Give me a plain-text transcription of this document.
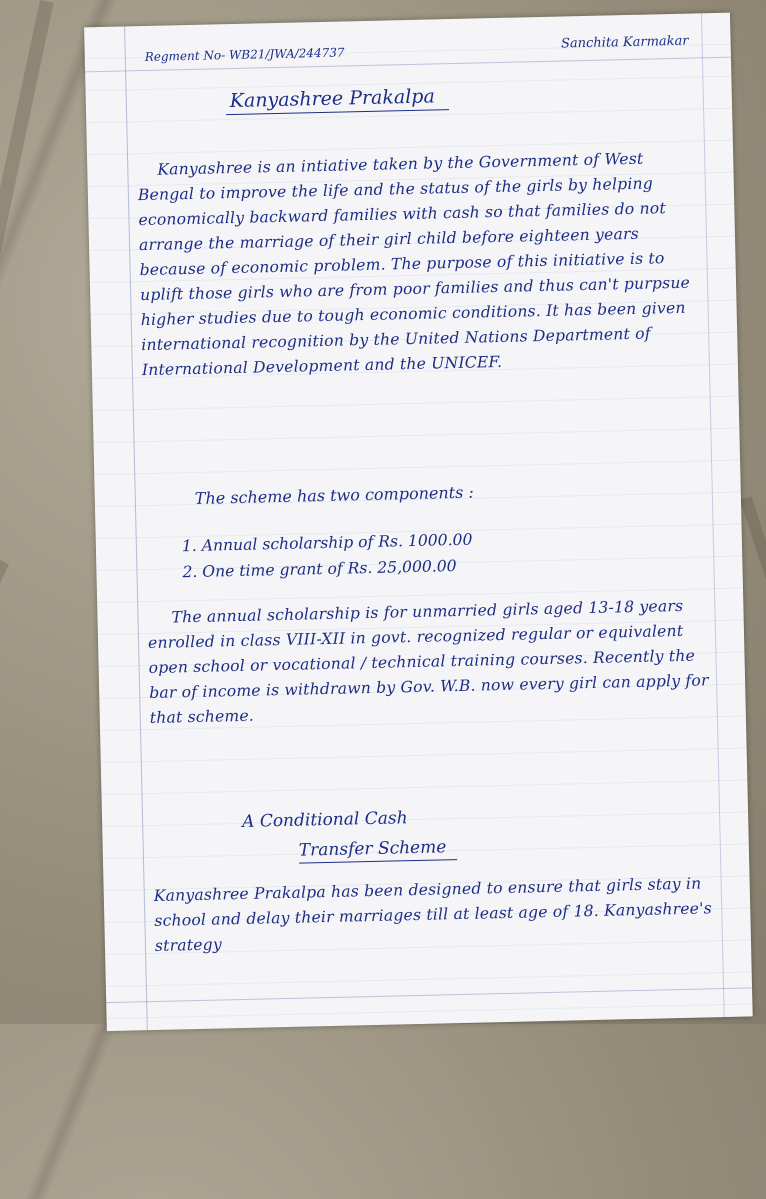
Regment No- WB21/JWA/244737
Sanchita Karmakar
Kanyashree Prakalpa
Kanyashree is an intiative taken by the Government of West Bengal to improve the life and the status of the girls by helping economically backward families with cash so that families do not arrange the marriage of their girl child before eighteen years because of economic problem. The purpose of this initiative is to uplift those girls who are from poor families and thus can't purpsue higher studies due to tough economic conditions. It has been given international recognition by the United Nations Department of International Development and the UNICEF.
The scheme has two components :
1. Annual scholarship of Rs. 1000.00
2. One time grant of Rs. 25,000.00
The annual scholarship is for unmarried girls aged 13-18 years enrolled in class VIII-XII in govt. recognized regular or equivalent open school or vocational / technical training courses. Recently the bar of income is withdrawn by Gov. W.B. now every girl can apply for that scheme.
A Conditional Cash
Transfer Scheme
Kanyashree Prakalpa has been designed to ensure that girls stay in school and delay their marriages till at least age of 18. Kanyashree's strategy
